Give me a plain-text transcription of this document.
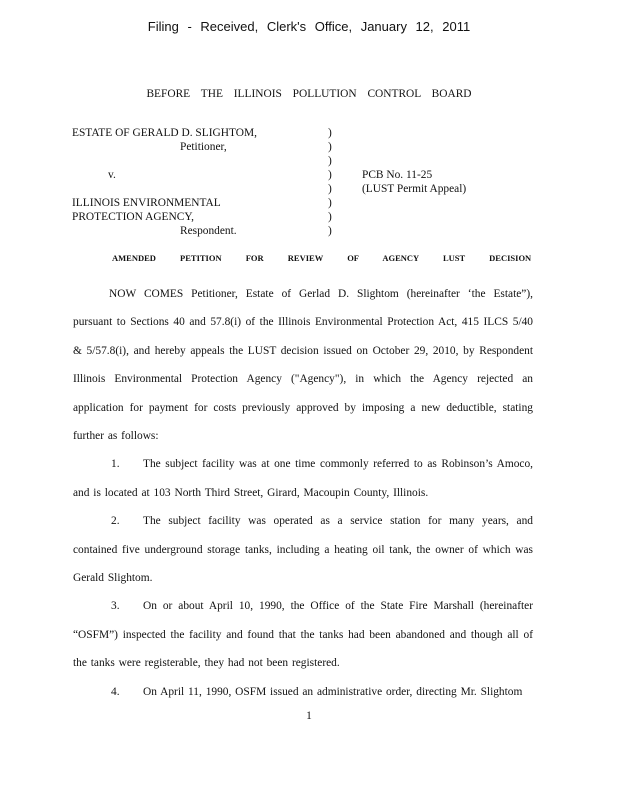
Filing - Received, Clerk's Office, January 12, 2011
BEFORE THE ILLINOIS POLLUTION CONTROL BOARD
ESTATE OF GERALD D. SLIGHTOM,	)
Petitioner,	)
)
v.	)	PCB No. 11-25
)	(LUST Permit Appeal)
ILLINOIS ENVIRONMENTAL	)
PROTECTION AGENCY,	)
Respondent.	)
AMENDED PETITION FOR REVIEW OF AGENCY LUST DECISION

NOW COMES Petitioner, Estate of Gerlad D. Slightom (hereinafter ‘the Estate”), pursuant to Sections 40 and 57.8(i) of the Illinois Environmental Protection Act, 415 ILCS 5/40 & 5/57.8(i), and hereby appeals the LUST decision issued on October 29, 2010, by Respondent Illinois Environmental Protection Agency ("Agency"), in which the Agency rejected an application for payment for costs previously approved by imposing a new deductible, stating further as follows:

1. The subject facility was at one time commonly referred to as Robinson’s Amoco, and is located at 103 North Third Street, Girard, Macoupin County, Illinois.

2. The subject facility was operated as a service station for many years, and contained five underground storage tanks, including a heating oil tank, the owner of which was Gerald Slightom.

3. On or about April 10, 1990, the Office of the State Fire Marshall (hereinafter “OSFM”) inspected the facility and found that the tanks had been abandoned and though all of the tanks were registerable, they had not been registered.

4. On April 11, 1990, OSFM issued an administrative order, directing Mr. Slightom

1
